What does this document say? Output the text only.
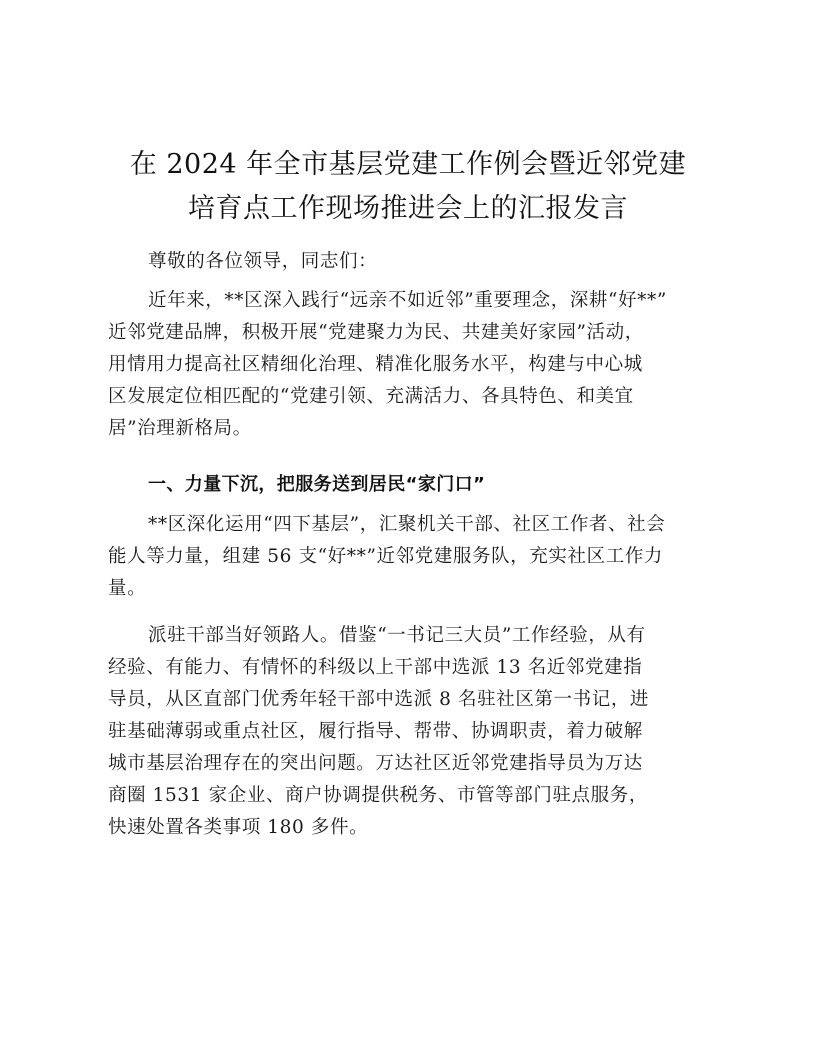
在 2024 年全市基层党建工作例会暨近邻党建
培育点工作现场推进会上的汇报发言
尊敬的各位领导，同志们：
近年来，**区深入践行“远亲不如近邻”重要理念，深耕“好**”
近邻党建品牌，积极开展“党建聚力为民、共建美好家园”活动，
用情用力提高社区精细化治理、精准化服务水平，构建与中心城
区发展定位相匹配的“党建引领、充满活力、各具特色、和美宜
居”治理新格局。
一、力量下沉，把服务送到居民“家门口”
**区深化运用“四下基层”，汇聚机关干部、社区工作者、社会
能人等力量，组建 56 支“好**”近邻党建服务队，充实社区工作力
量。
派驻干部当好领路人。借鉴“一书记三大员”工作经验，从有
经验、有能力、有情怀的科级以上干部中选派 13 名近邻党建指
导员，从区直部门优秀年轻干部中选派 8 名驻社区第一书记，进
驻基础薄弱或重点社区，履行指导、帮带、协调职责，着力破解
城市基层治理存在的突出问题。万达社区近邻党建指导员为万达
商圈 1531 家企业、商户协调提供税务、市管等部门驻点服务，
快速处置各类事项 180 多件。
